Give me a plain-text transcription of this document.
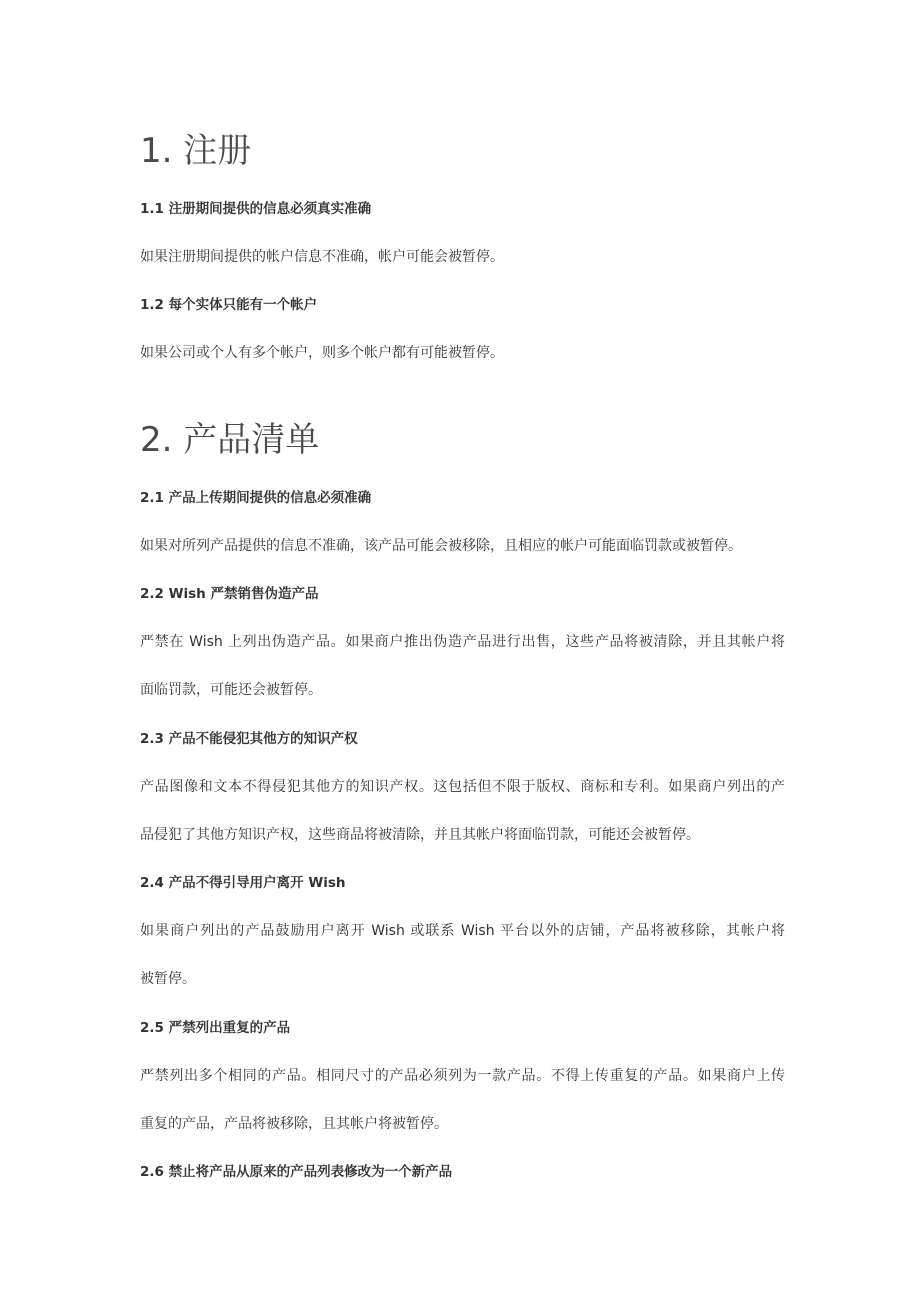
1. 注册
1.1 注册期间提供的信息必须真实准确
如果注册期间提供的帐户信息不准确，帐户可能会被暂停。
1.2 每个实体只能有一个帐户
如果公司或个人有多个帐户，则多个帐户都有可能被暂停。
2. 产品清单
2.1 产品上传期间提供的信息必须准确
如果对所列产品提供的信息不准确，该产品可能会被移除，且相应的帐户可能面临罚款或被暂停。
2.2 Wish 严禁销售伪造产品
严禁在 Wish 上列出伪造产品。如果商户推出伪造产品进行出售，这些产品将被清除，并且其帐户将
面临罚款，可能还会被暂停。
2.3 产品不能侵犯其他方的知识产权
产品图像和文本不得侵犯其他方的知识产权。这包括但不限于版权、商标和专利。如果商户列出的产
品侵犯了其他方知识产权，这些商品将被清除，并且其帐户将面临罚款，可能还会被暂停。
2.4 产品不得引导用户离开 Wish
如果商户列出的产品鼓励用户离开 Wish 或联系 Wish 平台以外的店铺，产品将被移除，其帐户将
被暂停。
2.5 严禁列出重复的产品
严禁列出多个相同的产品。相同尺寸的产品必须列为一款产品。不得上传重复的产品。如果商户上传
重复的产品，产品将被移除，且其帐户将被暂停。
2.6 禁止将产品从原来的产品列表修改为一个新产品
